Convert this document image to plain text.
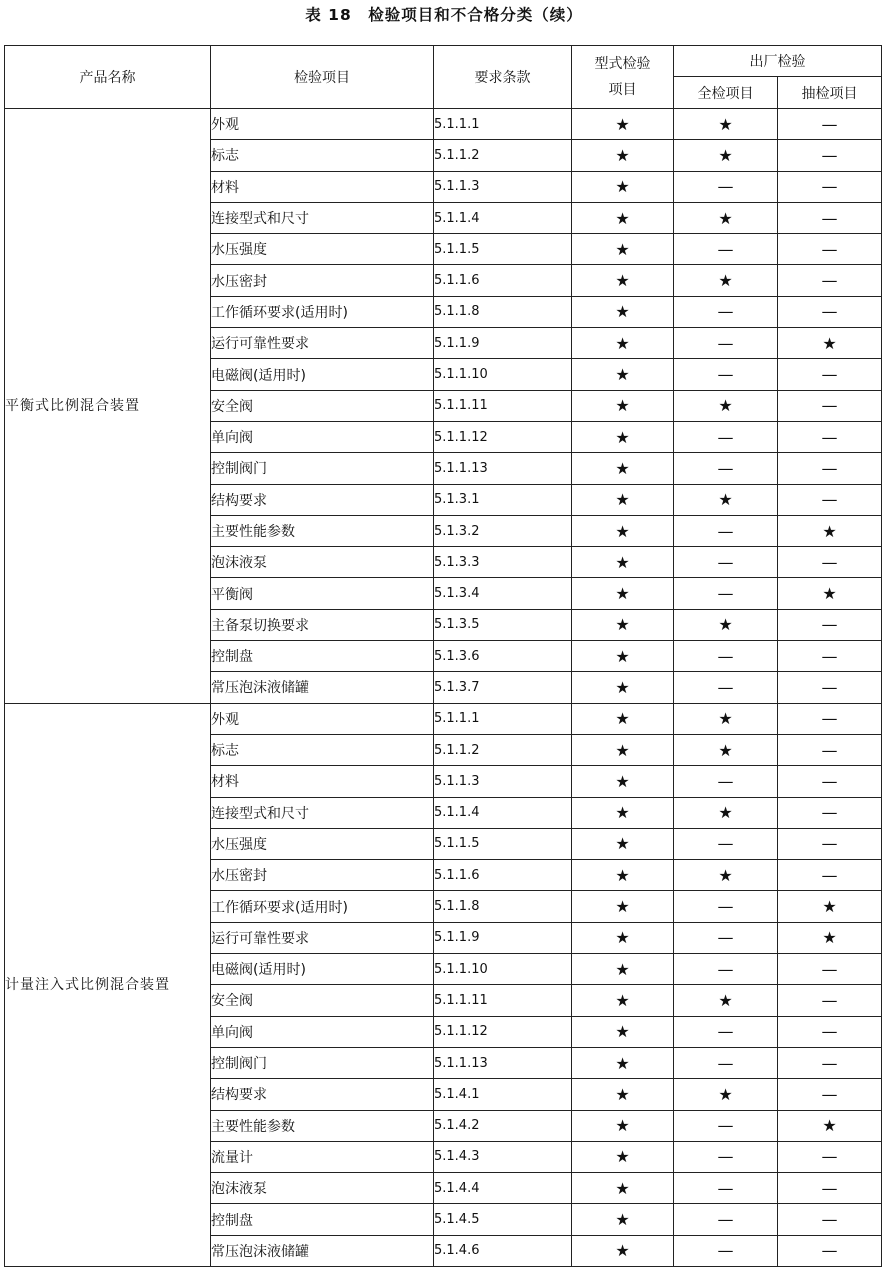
表 18　检验项目和不合格分类（续）
产品名称	检验项目	要求条款	型式检验
项目	出厂检验	
				全检项目	抽检项目
平衡式比例混合装置	外观	5.1.1.1	★	★	—
	标志	5.1.1.2	★	★	—
	材料	5.1.1.3	★	—	—
	连接型式和尺寸	5.1.1.4	★	★	—
	水压强度	5.1.1.5	★	—	—
	水压密封	5.1.1.6	★	★	—
	工作循环要求(适用时)	5.1.1.8	★	—	—
	运行可靠性要求	5.1.1.9	★	—	★
	电磁阀(适用时)	5.1.1.10	★	—	—
	安全阀	5.1.1.11	★	★	—
	单向阀	5.1.1.12	★	—	—
	控制阀门	5.1.1.13	★	—	—
	结构要求	5.1.3.1	★	★	—
	主要性能参数	5.1.3.2	★	—	★
	泡沫液泵	5.1.3.3	★	—	—
	平衡阀	5.1.3.4	★	—	★
	主备泵切换要求	5.1.3.5	★	★	—
	控制盘	5.1.3.6	★	—	—
	常压泡沫液储罐	5.1.3.7	★	—	—
计量注入式比例混合装置	外观	5.1.1.1	★	★	—
	标志	5.1.1.2	★	★	—
	材料	5.1.1.3	★	—	—
	连接型式和尺寸	5.1.1.4	★	★	—
	水压强度	5.1.1.5	★	—	—
	水压密封	5.1.1.6	★	★	—
	工作循环要求(适用时)	5.1.1.8	★	—	★
	运行可靠性要求	5.1.1.9	★	—	★
	电磁阀(适用时)	5.1.1.10	★	—	—
	安全阀	5.1.1.11	★	★	—
	单向阀	5.1.1.12	★	—	—
	控制阀门	5.1.1.13	★	—	—
	结构要求	5.1.4.1	★	★	—
	主要性能参数	5.1.4.2	★	—	★
	流量计	5.1.4.3	★	—	—
	泡沫液泵	5.1.4.4	★	—	—
	控制盘	5.1.4.5	★	—	—
	常压泡沫液储罐	5.1.4.6	★	—	—
